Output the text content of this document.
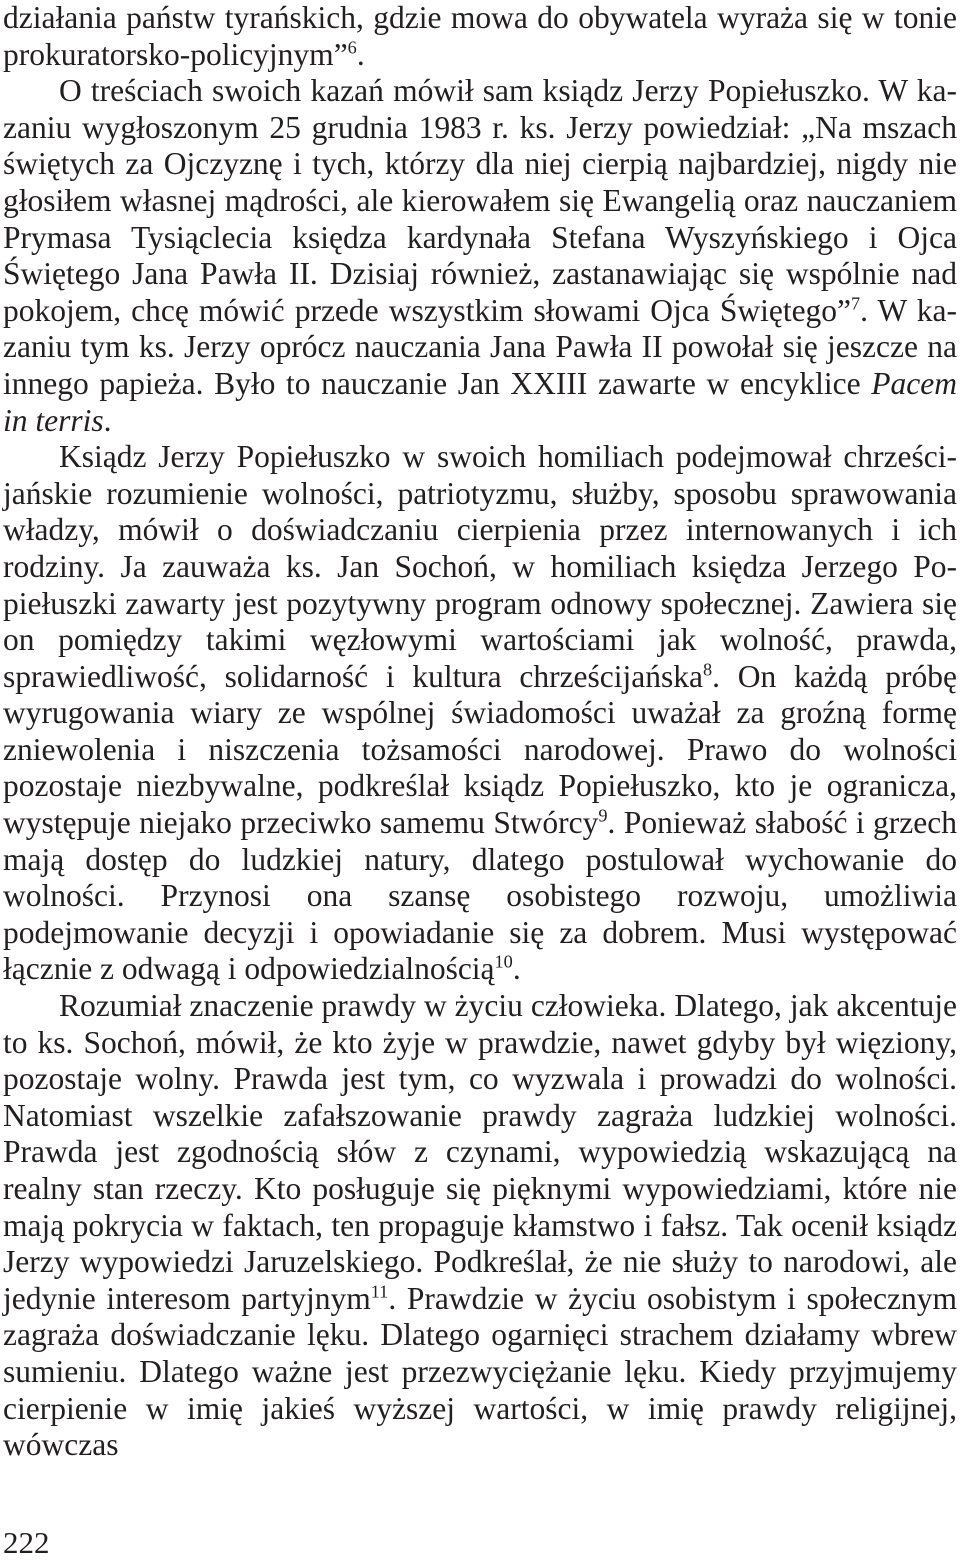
działania państw tyrańskich, gdzie mowa do obywatela wyraża się w tonie prokuratorsko-policyjnym”$^6$.

O treściach swoich kazań mówił sam ksiądz Jerzy Popiełuszko. W kazaniu wygłoszonym 25 grudnia 1983 r. ks. Jerzy powiedział: „Na mszach świętych za Ojczyznę i tych, którzy dla niej cierpią najbardziej, nigdy nie głosiłem własnej mądrości, ale kierowałem się Ewangelią oraz nauczaniem Prymasa Tysiąclecia księdza kardynała Stefana Wyszyńskiego i Ojca Świętego Jana Pawła II. Dzisiaj również, zastanawiając się wspólnie nad pokojem, chcę mówić przede wszystkim słowami Ojca Świętego”$^7$. W kazaniu tym ks. Jerzy oprócz nauczania Jana Pawła II powołał się jeszcze na innego papieża. Było to nauczanie Jan XXIII zawarte w encyklice Pacem in terris.

Ksiądz Jerzy Popiełuszko w swoich homiliach podejmował chrześcijańskie rozumienie wolności, patriotyzmu, służby, sposobu sprawowania władzy, mówił o doświadczaniu cierpienia przez internowanych i ich rodziny. Ja zauważa ks. Jan Sochoń, w homiliach księdza Jerzego Popiełuszki zawarty jest pozytywny program odnowy społecznej. Zawiera się on pomiędzy takimi węzłowymi wartościami jak wolność, prawda, sprawiedliwość, solidarność i kultura chrześcijańska$^8$. On każdą próbę wyrugowania wiary ze wspólnej świadomości uważał za groźną formę zniewolenia i niszczenia tożsamości narodowej. Prawo do wolności pozostaje niezbywalne, podkreślał ksiądz Popiełuszko, kto je ogranicza, występuje niejako przeciwko samemu Stwórcy$^9$. Ponieważ słabość i grzech mają dostęp do ludzkiej natury, dlatego postulował wychowanie do wolności. Przynosi ona szansę osobistego rozwoju, umożliwia podejmowanie decyzji i opowiadanie się za dobrem. Musi występować łącznie z odwagą i odpowiedzialnością$^{10}$.

Rozumiał znaczenie prawdy w życiu człowieka. Dlatego, jak akcentuje to ks. Sochoń, mówił, że kto żyje w prawdzie, nawet gdyby był więziony, pozostaje wolny. Prawda jest tym, co wyzwala i prowadzi do wolności. Natomiast wszelkie zafałszowanie prawdy zagraża ludzkiej wolności. Prawda jest zgodnością słów z czynami, wypowiedzią wskazującą na realny stan rzeczy. Kto posługuje się pięknymi wypowiedziami, które nie mają pokrycia w faktach, ten propaguje kłamstwo i fałsz. Tak ocenił ksiądz Jerzy wypowiedzi Jaruzelskiego. Podkreślał, że nie służy to narodowi, ale jedynie interesom partyjnym$^{11}$. Prawdzie w życiu osobistym i społecznym zagraża doświadczanie lęku. Dlatego ogarnięci strachem działamy wbrew sumieniu. Dlatego ważne jest przezwyciężanie lęku. Kiedy przyjmujemy cierpienie w imię jakieś wyższej wartości, w imię prawdy religijnej, wówczas

222
